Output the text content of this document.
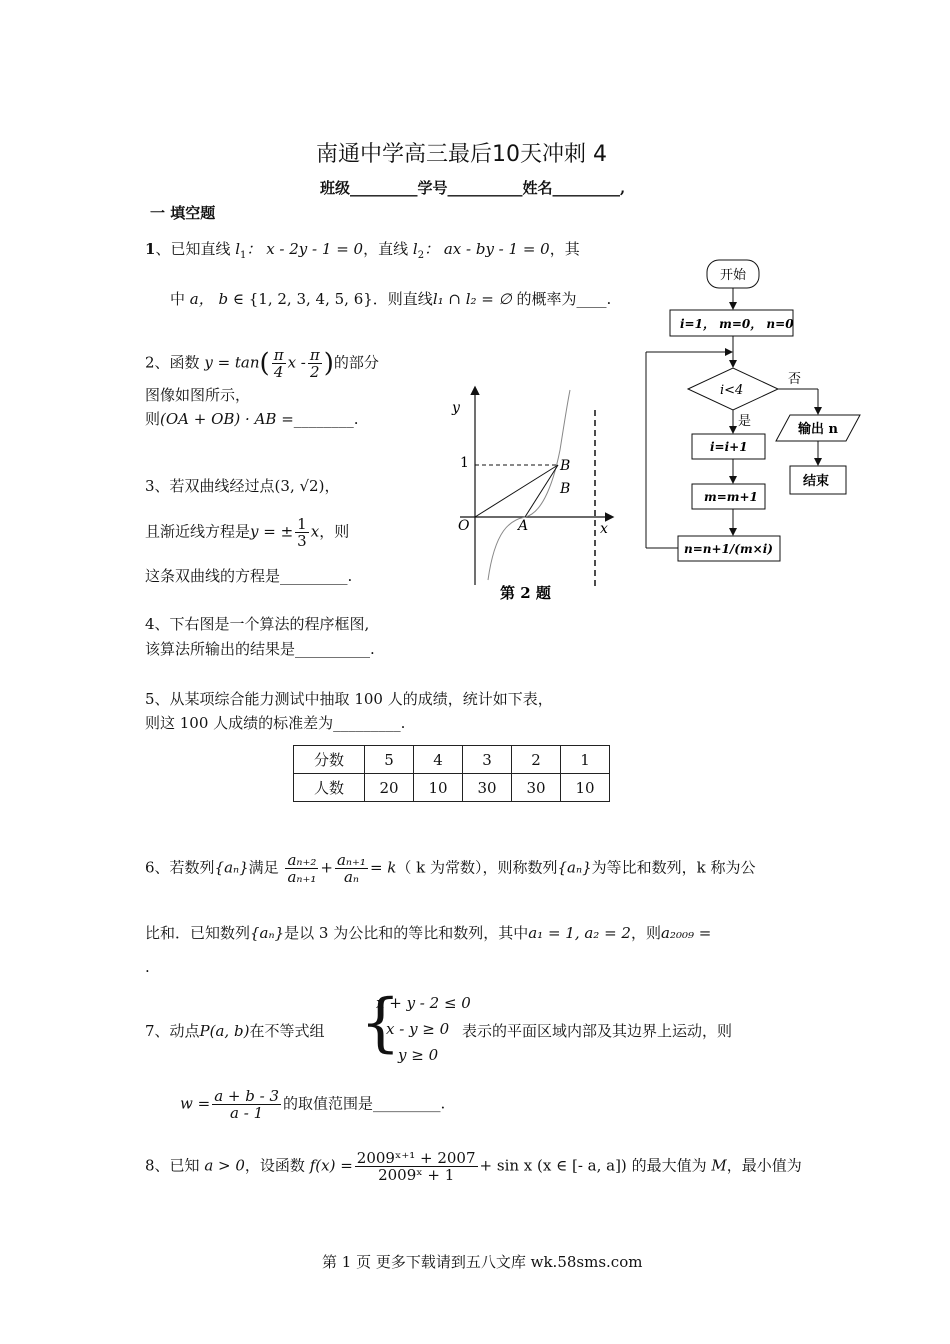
南通中学高三最后10天冲刺 4
班级_________学号__________姓名_________,
一 填空题
1、已知直线 $l_1$： x - 2y - 1 = 0，直线 $l_2$： ax - by - 1 = 0，其
中 a， b ∈ {1, 2, 3, 4, 5, 6}．则直线l₁ ∩ l₂ = ∅ 的概率为____.
2、函数 $y = \tan( \frac{\pi}{4}$ x - $\frac{\pi}{2}$ )的部分
图像如图所示，
则(OA + OB) · AB =________.
3、若双曲线经过点(3, √2)，
且渐近线方程是y = ± $\frac{1}{3}$ x，则
这条双曲线的方程是_________.
y
x
O
1
A
B
B
第 2 题
开始
i=1， m=0， n=0
i<4
否
输出 n
结束
是
i=i+1
m=m+1
n=n+1/(m×i)
4、下右图是一个算法的程序框图,
该算法所输出的结果是__________.
5、从某项综合能力测试中抽取 100 人的成绩，统计如下表，
则这 100 人成绩的标准差为_________.
分数	5	4	3	2	1
人数	20	10	30	30	10
6、若数列{aₙ}满足 $\frac{\text{aₙ₊₂}}{\text{aₙ₊₁}} + \frac{\text{aₙ₊₁}}{\text{aₙ}} = k$（ k 为常数），则称数列{aₙ}为等比和数列，k 称为公
比和．已知数列{aₙ}是以 3 为公比和的等比和数列，其中a₁ = 1, a₂ = 2，则a₂₀₀₉ =
.
7、动点P(a, b)在不等式组 {
x + y - 2 ≤ 0
x - y ≥ 0
y ≥ 0
表示的平面区域内部及其边界上运动，则
$w = \frac{a + b - 3}{a - 1}$ 的取值范围是_________.
8、已知 a > 0，设函数 $f(x) = \frac{\text{2009ˣ⁺¹ + 2007}}{\text{2009ˣ + 1}} + \sin x$ (x ∈ [- a, a]) 的最大值为 M，最小值为
第 1 页 更多下载请到五八文库 wk.58sms.com
